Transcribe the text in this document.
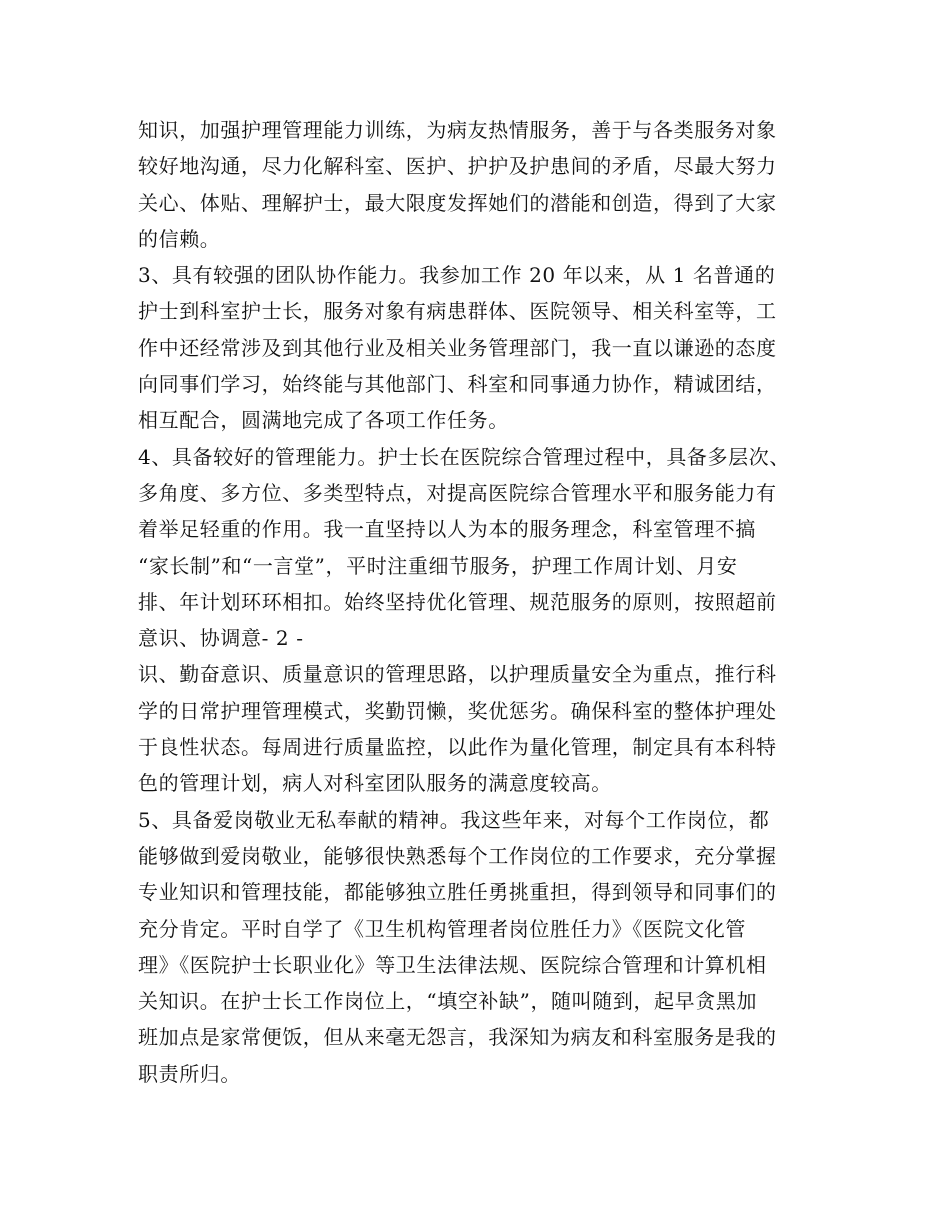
知识，加强护理管理能力训练，为病友热情服务，善于与各类服务对象
较好地沟通，尽力化解科室、医护、护护及护患间的矛盾，尽最大努力
关心、体贴、理解护士，最大限度发挥她们的潜能和创造，得到了大家
的信赖。
3、具有较强的团队协作能力。我参加工作 20 年以来，从 1 名普通的
护士到科室护士长，服务对象有病患群体、医院领导、相关科室等，工
作中还经常涉及到其他行业及相关业务管理部门，我一直以谦逊的态度
向同事们学习，始终能与其他部门、科室和同事通力协作，精诚团结，
相互配合，圆满地完成了各项工作任务。
4、具备较好的管理能力。护士长在医院综合管理过程中，具备多层次、
多角度、多方位、多类型特点，对提高医院综合管理水平和服务能力有
着举足轻重的作用。我一直坚持以人为本的服务理念，科室管理不搞
“家长制”和“一言堂”，平时注重细节服务，护理工作周计划、月安
排、年计划环环相扣。始终坚持优化管理、规范服务的原则，按照超前
意识、协调意- 2 -
识、勤奋意识、质量意识的管理思路，以护理质量安全为重点，推行科
学的日常护理管理模式，奖勤罚懒，奖优惩劣。确保科室的整体护理处
于良性状态。每周进行质量监控，以此作为量化管理，制定具有本科特
色的管理计划，病人对科室团队服务的满意度较高。
5、具备爱岗敬业无私奉献的精神。我这些年来，对每个工作岗位，都
能够做到爱岗敬业，能够很快熟悉每个工作岗位的工作要求，充分掌握
专业知识和管理技能，都能够独立胜任勇挑重担，得到领导和同事们的
充分肯定。平时自学了《卫生机构管理者岗位胜任力》《医院文化管
理》《医院护士长职业化》等卫生法律法规、医院综合管理和计算机相
关知识。在护士长工作岗位上，“填空补缺”，随叫随到，起早贪黑加
班加点是家常便饭，但从来毫无怨言，我深知为病友和科室服务是我的
职责所归。
